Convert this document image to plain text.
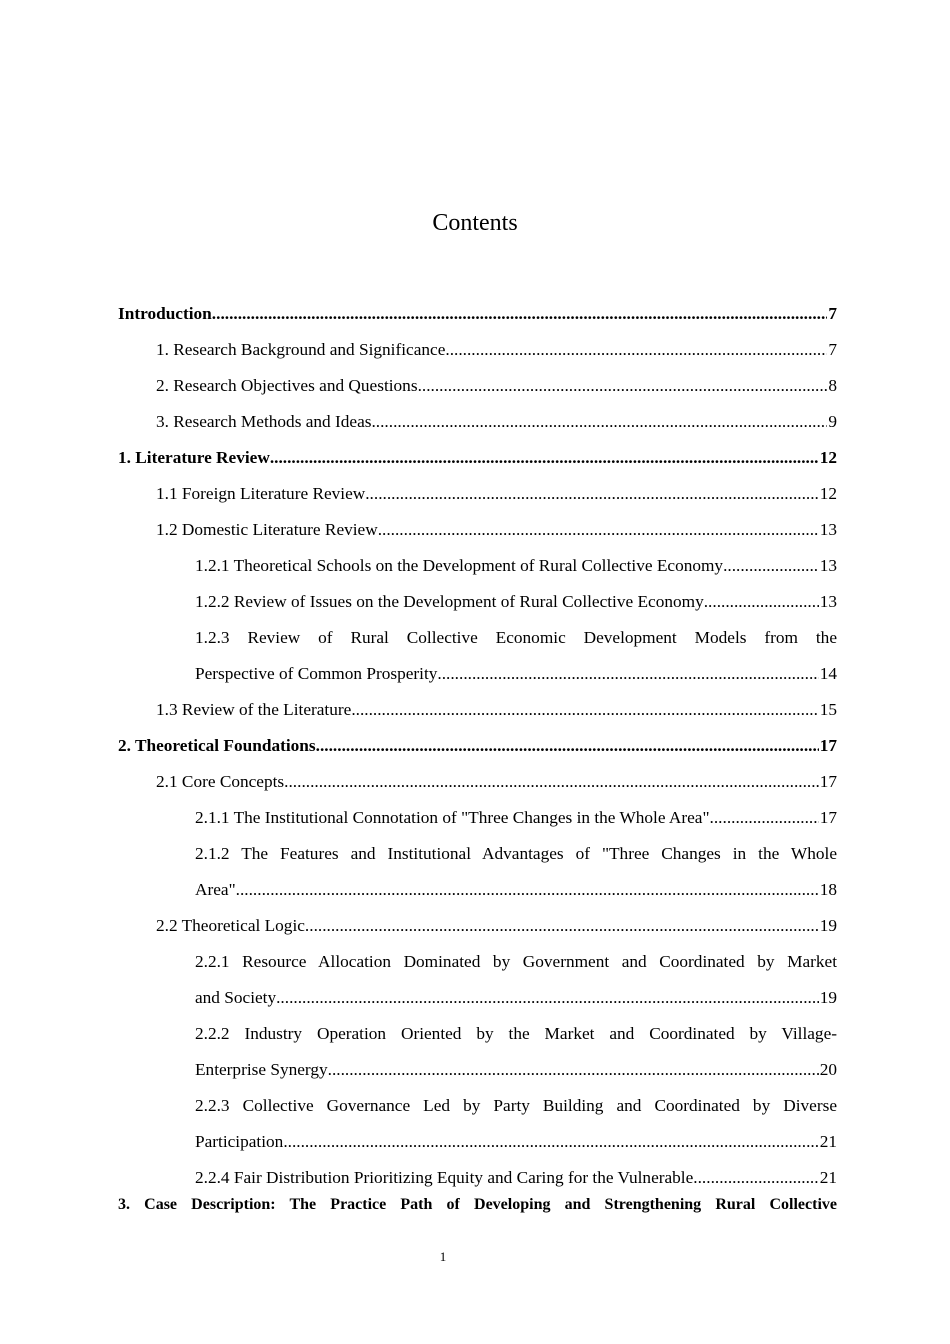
Contents
Introduction .....	7
1. Research Background and Significance .....	7
2. Research Objectives and Questions .....	8
3. Research Methods and Ideas .....	9
1. Literature Review .....	12
1.1 Foreign Literature Review .....	12
1.2 Domestic Literature Review .....	13
1.2.1 Theoretical Schools on the Development of Rural Collective Economy .....	13
1.2.2 Review of Issues on the Development of Rural Collective Economy .....	13
1.2.3 Review of Rural Collective Economic Development Models from the
Perspective of Common Prosperity .....	14
1.3 Review of the Literature .....	15
2. Theoretical Foundations .....	17
2.1 Core Concepts .....	17
2.1.1 The Institutional Connotation of "Three Changes in the Whole Area" .....	17
2.1.2 The Features and Institutional Advantages of "Three Changes in the Whole
Area" .....	18
2.2 Theoretical Logic .....	19
2.2.1 Resource Allocation Dominated by Government and Coordinated by Market
and Society .....	19
2.2.2 Industry Operation Oriented by the Market and Coordinated by Village-
Enterprise Synergy .....	20
2.2.3 Collective Governance Led by Party Building and Coordinated by Diverse
Participation .....	21
2.2.4 Fair Distribution Prioritizing Equity and Caring for the Vulnerable .....	21
3. Case Description: The Practice Path of Developing and Strengthening Rural Collective
1
